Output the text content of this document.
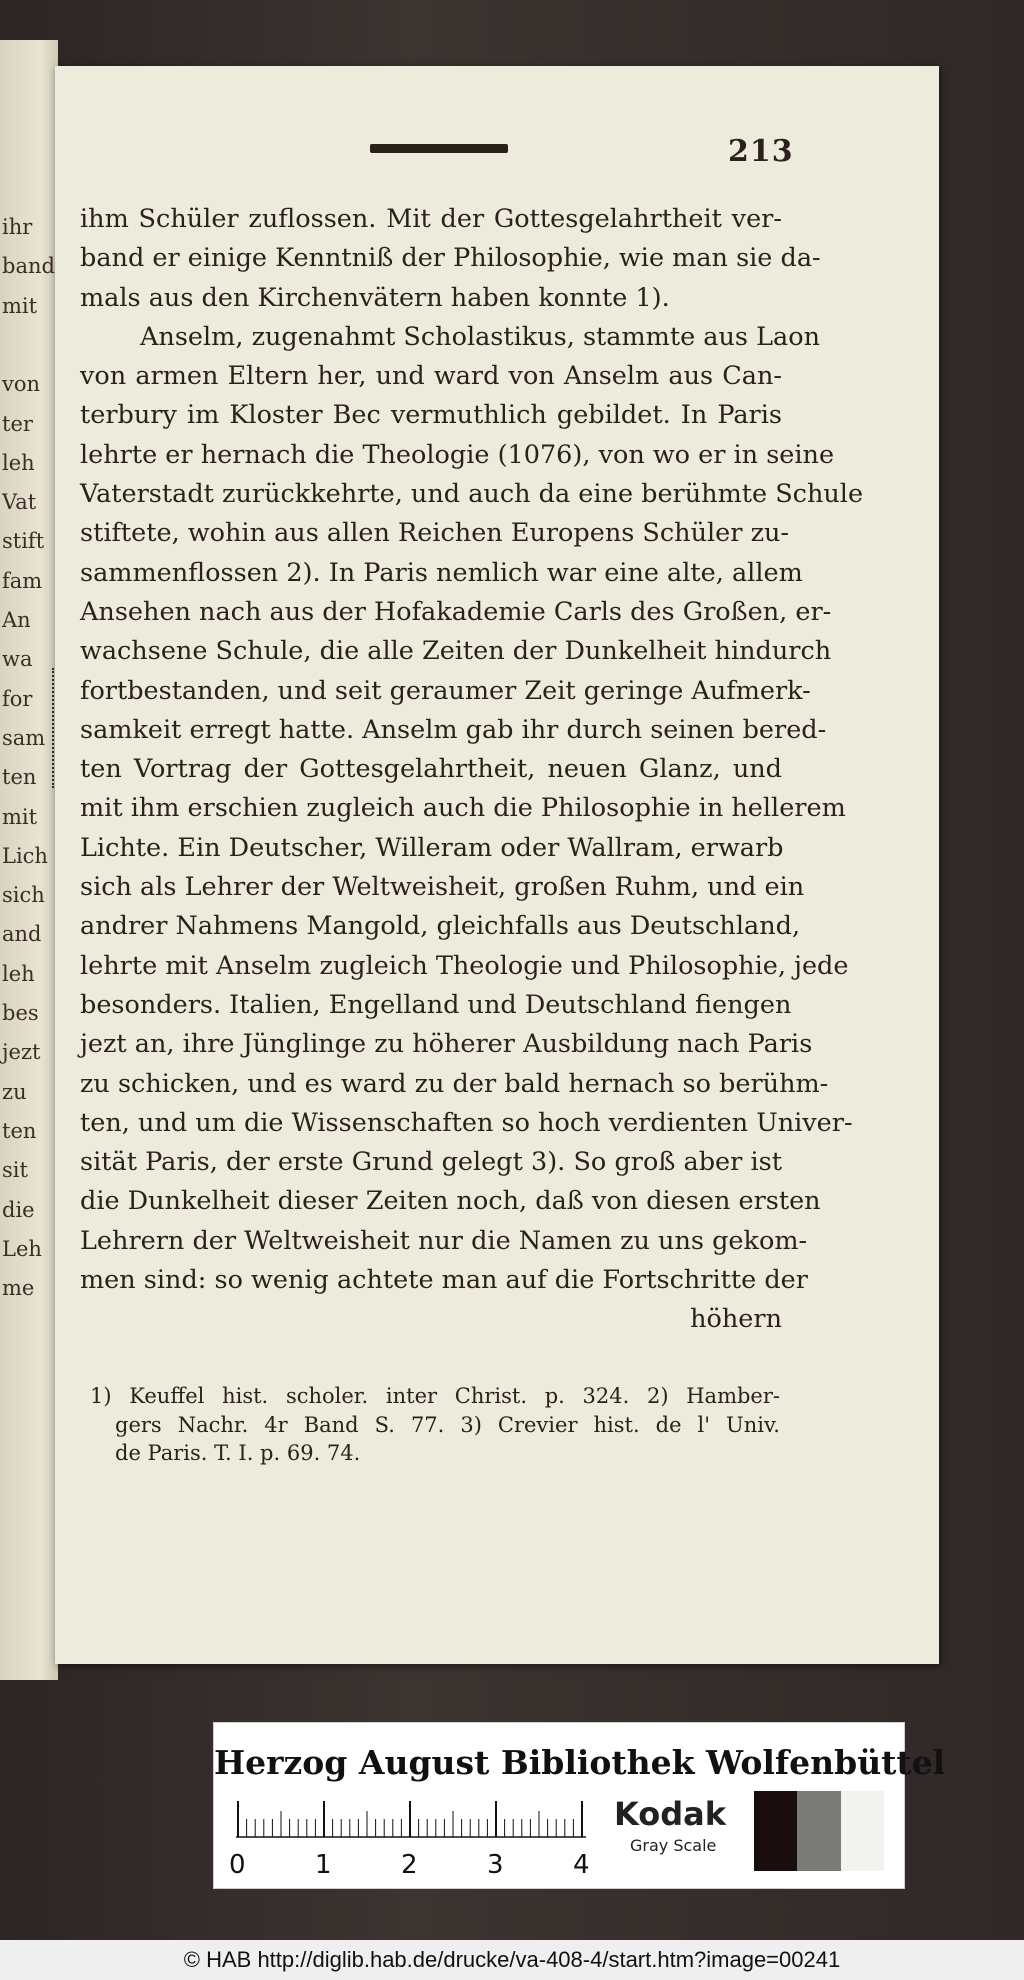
ihr
band
mit
von
ter
leh
Vat
stift
fam
An
wa
for
sam
ten
mit
Lich
sich
and
leh
bes
jezt
zu
ten
sit
die
Leh
me
213
ihm Schüler zuflossen. Mit der Gottesgelahrtheit ver-
band er einige Kenntniß der Philosophie, wie man sie da-
mals aus den Kirchenvätern haben konnte 1).
Anselm, zugenahmt Scholastikus, stammte aus Laon
von armen Eltern her, und ward von Anselm aus Can-
terbury im Kloster Bec vermuthlich gebildet. In Paris
lehrte er hernach die Theologie (1076), von wo er in seine
Vaterstadt zurückkehrte, und auch da eine berühmte Schule
stiftete, wohin aus allen Reichen Europens Schüler zu-
sammenflossen 2). In Paris nemlich war eine alte, allem
Ansehen nach aus der Hofakademie Carls des Großen, er-
wachsene Schule, die alle Zeiten der Dunkelheit hindurch
fortbestanden, und seit geraumer Zeit geringe Aufmerk-
samkeit erregt hatte. Anselm gab ihr durch seinen bered-
ten Vortrag der Gottesgelahrtheit, neuen Glanz, und
mit ihm erschien zugleich auch die Philosophie in hellerem
Lichte. Ein Deutscher, Willeram oder Wallram, erwarb
sich als Lehrer der Weltweisheit, großen Ruhm, und ein
andrer Nahmens Mangold, gleichfalls aus Deutschland,
lehrte mit Anselm zugleich Theologie und Philosophie, jede
besonders. Italien, Engelland und Deutschland fiengen
jezt an, ihre Jünglinge zu höherer Ausbildung nach Paris
zu schicken, und es ward zu der bald hernach so berühm-
ten, und um die Wissenschaften so hoch verdienten Univer-
sität Paris, der erste Grund gelegt 3). So groß aber ist
die Dunkelheit dieser Zeiten noch, daß von diesen ersten
Lehrern der Weltweisheit nur die Namen zu uns gekom-
men sind: so wenig achtete man auf die Fortschritte der
höhern
1) Keuffel hist. scholer. inter Christ. p. 324. 2) Hamber-
gers Nachr. 4r Band S. 77. 3) Crevier hist. de l' Univ.
de Paris. T. I. p. 69. 74.
Herzog August Bibliothek Wolfenbüttel
0	1	2	3	4
Kodak
Gray Scale
© HAB http://diglib.hab.de/drucke/va-408-4/start.htm?image=00241
